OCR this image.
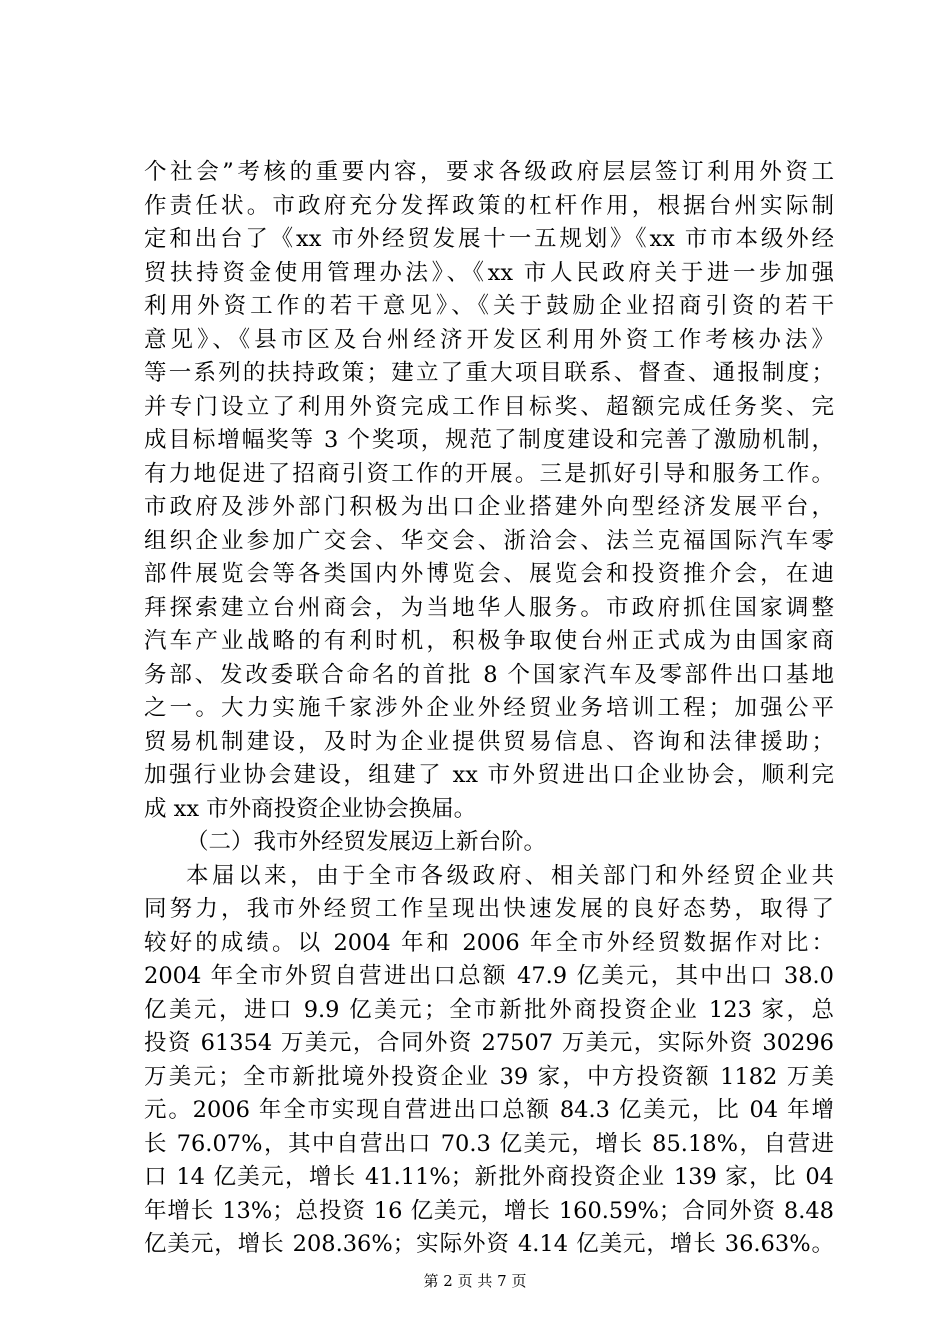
个社会”考核的重要内容，要求各级政府层层签订利用外资工
作责任状。市政府充分发挥政策的杠杆作用，根据台州实际制
定和出台了《xx 市外经贸发展十一五规划》《xx 市市本级外经
贸扶持资金使用管理办法》、《xx 市人民政府关于进一步加强
利用外资工作的若干意见》、《关于鼓励企业招商引资的若干
意见》、《县市区及台州经济开发区利用外资工作考核办法》
等一系列的扶持政策；建立了重大项目联系、督查、通报制度；
并专门设立了利用外资完成工作目标奖、超额完成任务奖、完
成目标增幅奖等 3 个奖项，规范了制度建设和完善了激励机制，
有力地促进了招商引资工作的开展。三是抓好引导和服务工作。
市政府及涉外部门积极为出口企业搭建外向型经济发展平台，
组织企业参加广交会、华交会、浙洽会、法兰克福国际汽车零
部件展览会等各类国内外博览会、展览会和投资推介会，在迪
拜探索建立台州商会，为当地华人服务。市政府抓住国家调整
汽车产业战略的有利时机，积极争取使台州正式成为由国家商
务部、发改委联合命名的首批 8 个国家汽车及零部件出口基地
之一。大力实施千家涉外企业外经贸业务培训工程；加强公平
贸易机制建设，及时为企业提供贸易信息、咨询和法律援助；
加强行业协会建设，组建了 xx 市外贸进出口企业协会，顺利完
成 xx 市外商投资企业协会换届。
（二）我市外经贸发展迈上新台阶。
本届以来，由于全市各级政府、相关部门和外经贸企业共
同努力，我市外经贸工作呈现出快速发展的良好态势，取得了
较好的成绩。以 2004 年和 2006 年全市外经贸数据作对比：
2004 年全市外贸自营进出口总额 47.9 亿美元，其中出口 38.0
亿美元，进口 9.9 亿美元；全市新批外商投资企业 123 家，总
投资 61354 万美元，合同外资 27507 万美元，实际外资 30296
万美元；全市新批境外投资企业 39 家，中方投资额 1182 万美
元。2006 年全市实现自营进出口总额 84.3 亿美元，比 04 年增
长 76.07%，其中自营出口 70.3 亿美元，增长 85.18%，自营进
口 14 亿美元，增长 41.11%；新批外商投资企业 139 家，比 04
年增长 13%；总投资 16 亿美元，增长 160.59%；合同外资 8.48
亿美元，增长 208.36%；实际外资 4.14 亿美元，增长 36.63%。
第 2 页 共 7 页
